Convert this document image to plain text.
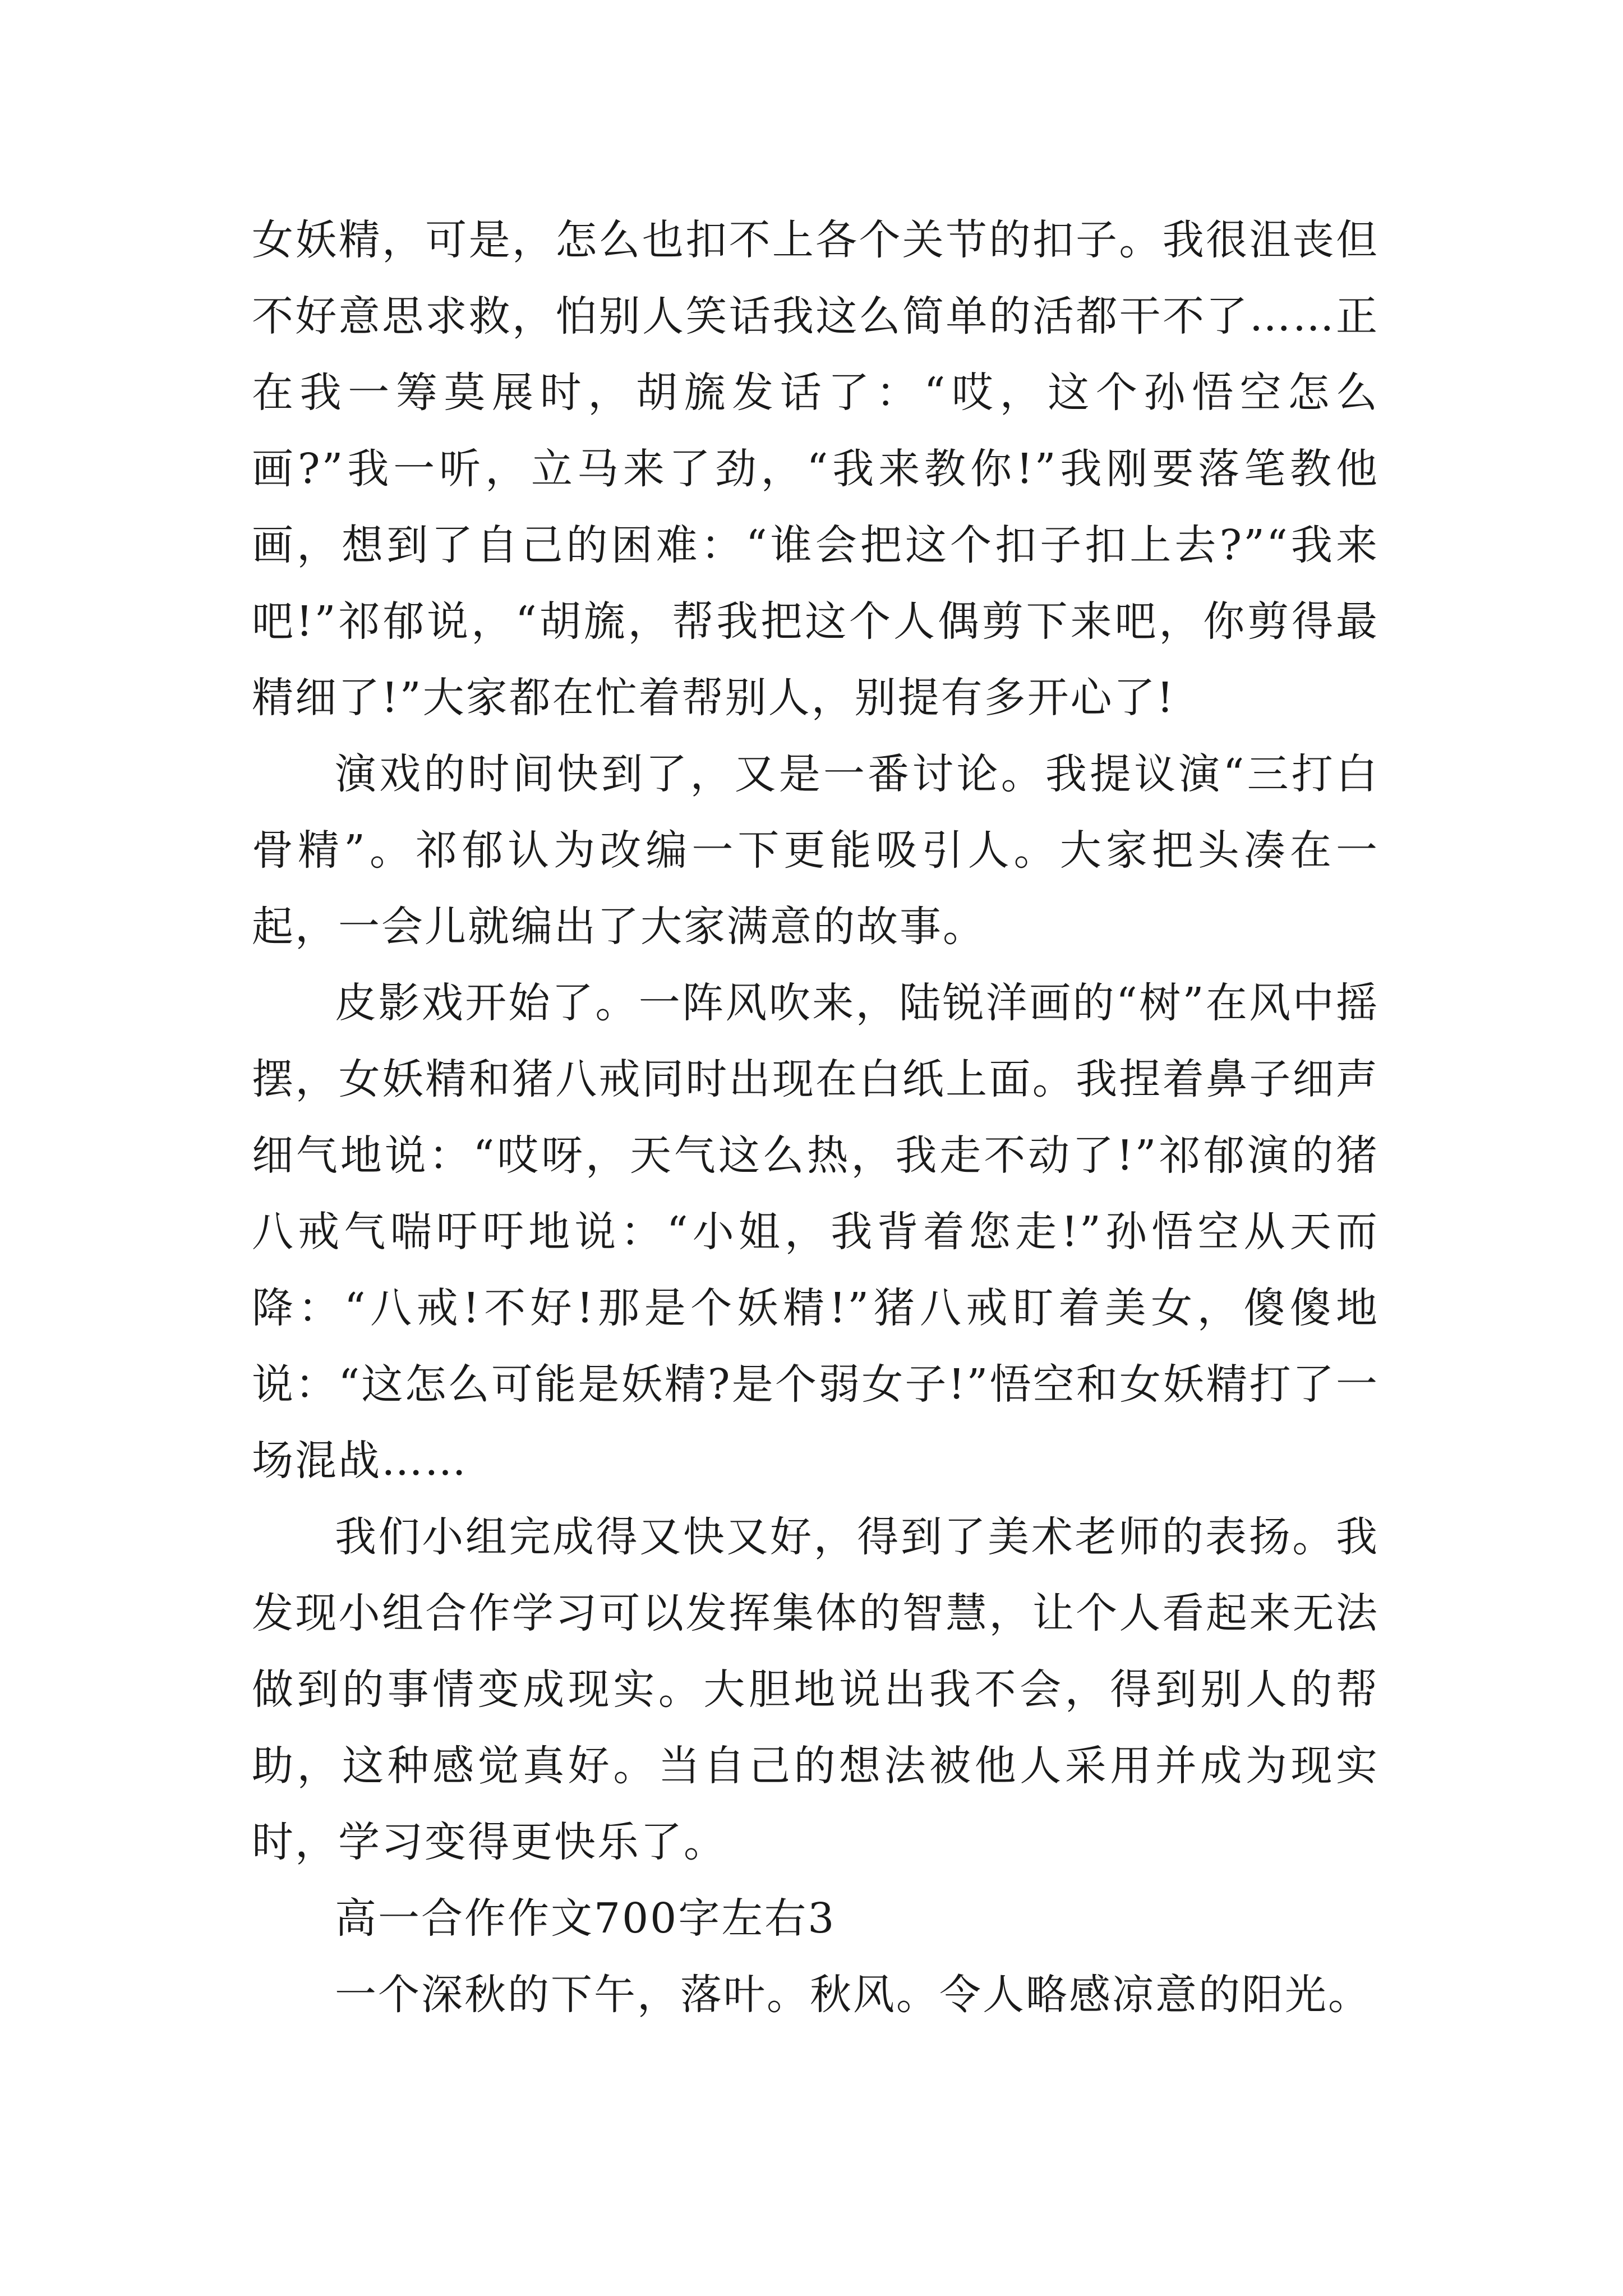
女妖精，可是，怎么也扣不上各个关节的扣子。我很沮丧但不好意思求救，怕别人笑话我这么简单的活都干不了……正在我一筹莫展时，胡旒发话了：“哎，这个孙悟空怎么画?”我一听，立马来了劲，“我来教你!”我刚要落笔教他画，想到了自己的困难：“谁会把这个扣子扣上去?”“我来吧!”祁郁说，“胡旒，帮我把这个人偶剪下来吧，你剪得最精细了!”大家都在忙着帮别人，别提有多开心了!

演戏的时间快到了，又是一番讨论。我提议演“三打白骨精”。祁郁认为改编一下更能吸引人。大家把头凑在一起，一会儿就编出了大家满意的故事。

皮影戏开始了。一阵风吹来，陆锐洋画的“树”在风中摇摆，女妖精和猪八戒同时出现在白纸上面。我捏着鼻子细声细气地说：“哎呀，天气这么热，我走不动了!”祁郁演的猪八戒气喘吁吁地说：“小姐，我背着您走!”孙悟空从天而降：“八戒!不好!那是个妖精!”猪八戒盯着美女，傻傻地说：“这怎么可能是妖精?是个弱女子!”悟空和女妖精打了一场混战……

我们小组完成得又快又好，得到了美术老师的表扬。我发现小组合作学习可以发挥集体的智慧，让个人看起来无法做到的事情变成现实。大胆地说出我不会，得到别人的帮助，这种感觉真好。当自己的想法被他人采用并成为现实时，学习变得更快乐了。

高一合作作文700字左右3

一个深秋的下午，落叶。秋风。令人略感凉意的阳光。
